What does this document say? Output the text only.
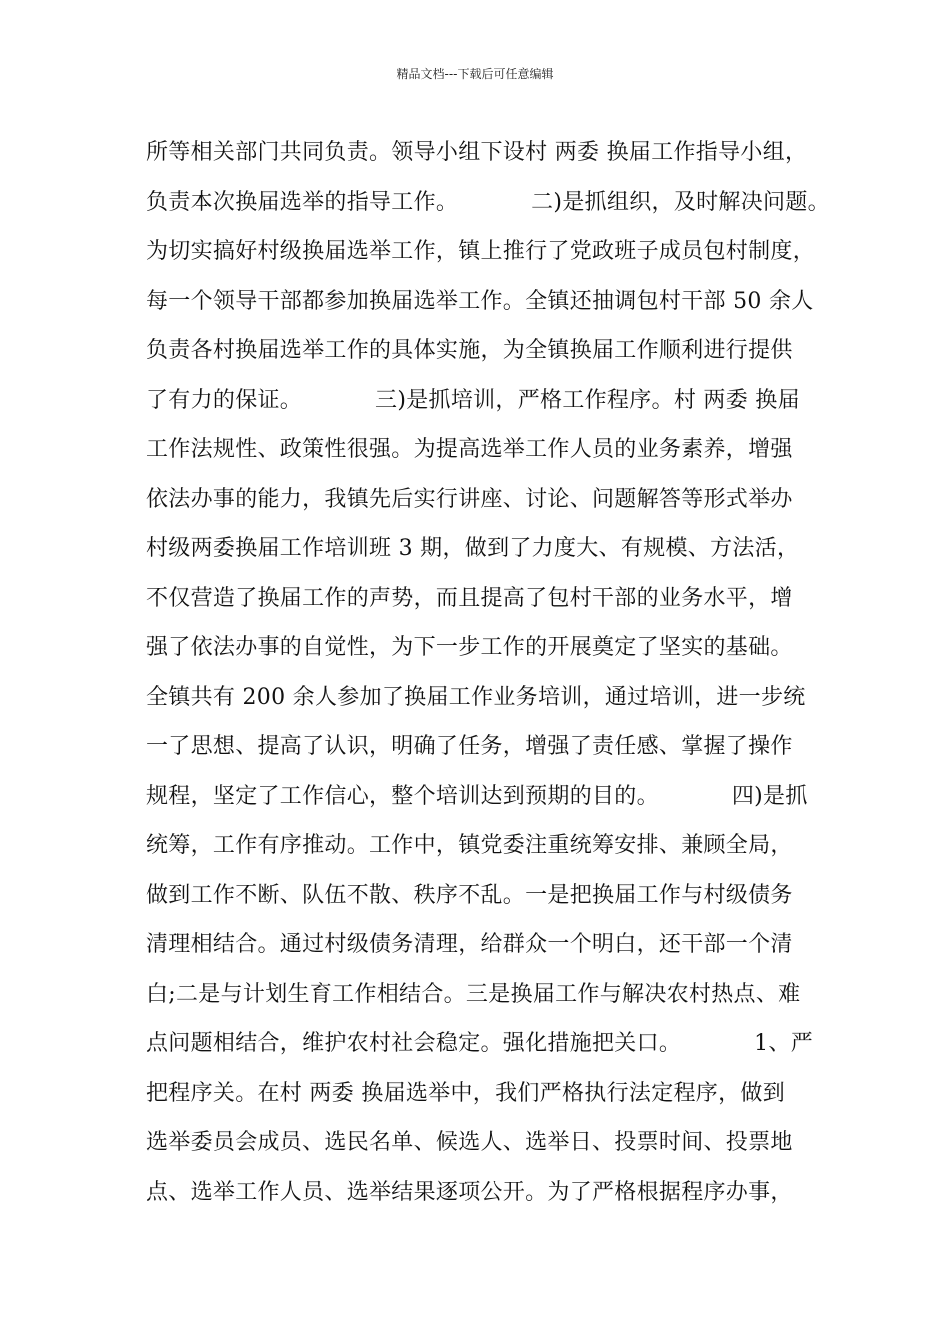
精品文档---下载后可任意编辑
所等相关部门共同负责。领导小组下设村 两委 换届工作指导小组，
负责本次换届选举的指导工作。          二)是抓组织，及时解决问题。
为切实搞好村级换届选举工作，镇上推行了党政班子成员包村制度，
每一个领导干部都参加换届选举工作。全镇还抽调包村干部 50 余人
负责各村换届选举工作的具体实施，为全镇换届工作顺利进行提供
了有力的保证。          三)是抓培训，严格工作程序。村 两委 换届
工作法规性、政策性很强。为提高选举工作人员的业务素养，增强
依法办事的能力，我镇先后实行讲座、讨论、问题解答等形式举办
村级两委换届工作培训班 3 期，做到了力度大、有规模、方法活，
不仅营造了换届工作的声势，而且提高了包村干部的业务水平，增
强了依法办事的自觉性，为下一步工作的开展奠定了坚实的基础。
全镇共有 200 余人参加了换届工作业务培训，通过培训，进一步统
一了思想、提高了认识，明确了任务，增强了责任感、掌握了操作
规程，坚定了工作信心，整个培训达到预期的目的。          四)是抓
统筹，工作有序推动。工作中，镇党委注重统筹安排、兼顾全局，
做到工作不断、队伍不散、秩序不乱。一是把换届工作与村级债务
清理相结合。通过村级债务清理，给群众一个明白，还干部一个清
白;二是与计划生育工作相结合。三是换届工作与解决农村热点、难
点问题相结合，维护农村社会稳定。强化措施把关口。          1、严
把程序关。在村 两委 换届选举中，我们严格执行法定程序，做到
选举委员会成员、选民名单、候选人、选举日、投票时间、投票地
点、选举工作人员、选举结果逐项公开。为了严格根据程序办事，
